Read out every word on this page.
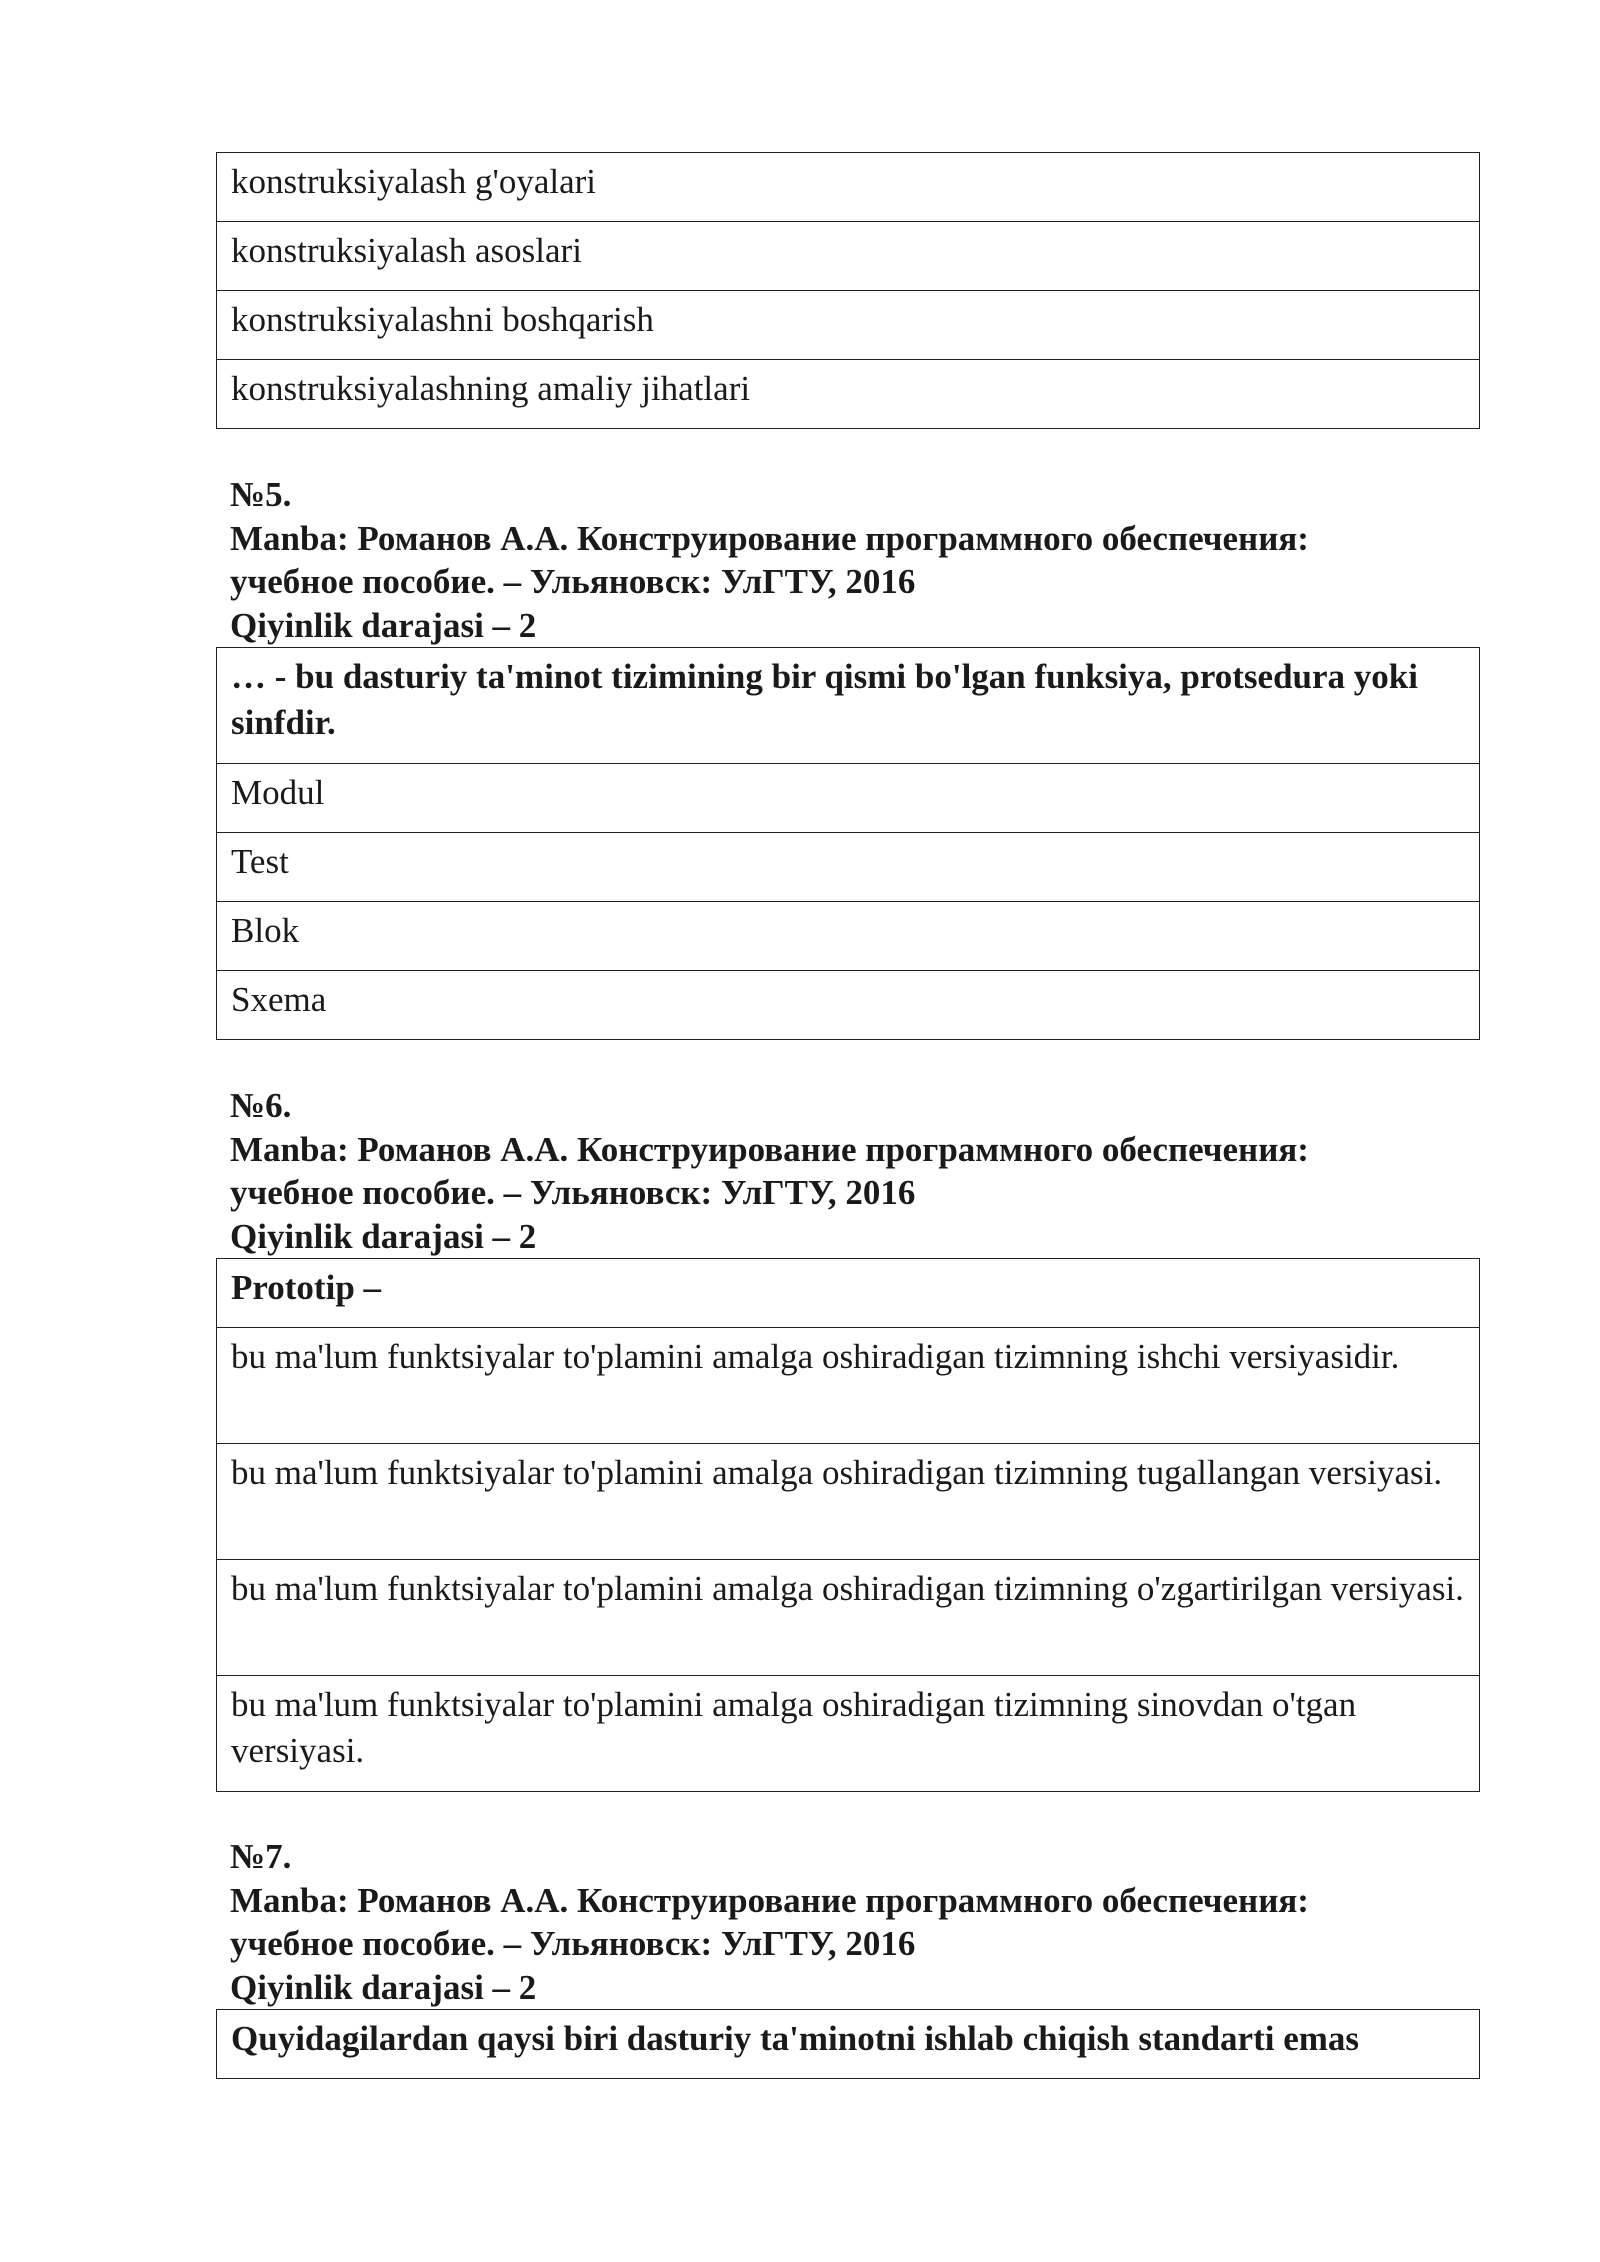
konstruksiyalash g'oyalari
konstruksiyalash asoslari
konstruksiyalashni boshqarish
konstruksiyalashning amaliy jihatlari
№5.
Manba: Романов А.А. Конструирование программного обеспечения:
учебное пособие. – Ульяновск: УлГТУ, 2016
Qiyinlik darajasi – 2
… - bu dasturiy ta'minot tizimining bir qismi bo'lgan funksiya, protsedura yoki sinfdir.
Modul
Test
Blok
Sxema
№6.
Manba: Романов А.А. Конструирование программного обеспечения:
учебное пособие. – Ульяновск: УлГТУ, 2016
Qiyinlik darajasi – 2
Prototip –
bu ma'lum funktsiyalar to'plamini amalga oshiradigan tizimning ishchi versiyasidir.
bu ma'lum funktsiyalar to'plamini amalga oshiradigan tizimning tugallangan versiyasi.
bu ma'lum funktsiyalar to'plamini amalga oshiradigan tizimning o'zgartirilgan versiyasi.
bu ma'lum funktsiyalar to'plamini amalga oshiradigan tizimning sinovdan o'tgan versiyasi.
№7.
Manba: Романов А.А. Конструирование программного обеспечения:
учебное пособие. – Ульяновск: УлГТУ, 2016
Qiyinlik darajasi – 2
Quyidagilardan qaysi biri dasturiy ta'minotni ishlab chiqish standarti emas
